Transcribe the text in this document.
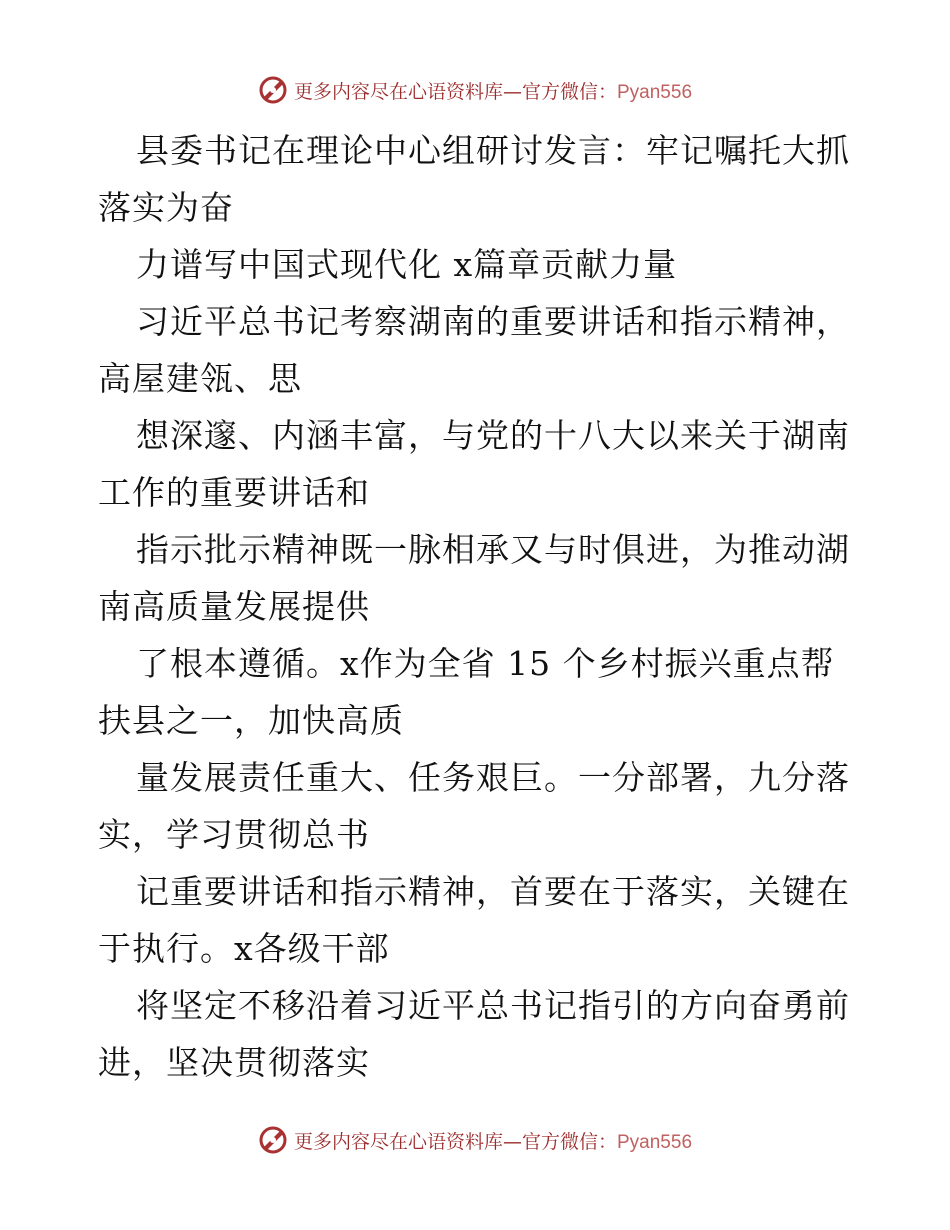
更多内容尽在心语资料库—官方微信：Pyan556
县委书记在理论中心组研讨发言：牢记嘱托大抓
落实为奋
力谱写中国式现代化 x篇章贡献力量
习近平总书记考察湖南的重要讲话和指示精神，
高屋建瓴、思
想深邃、内涵丰富，与党的十八大以来关于湖南
工作的重要讲话和
指示批示精神既一脉相承又与时俱进，为推动湖
南高质量发展提供
了根本遵循。x作为全省 15 个乡村振兴重点帮
扶县之一，加快高质
量发展责任重大、任务艰巨。一分部署，九分落
实，学习贯彻总书
记重要讲话和指示精神，首要在于落实，关键在
于执行。x各级干部
将坚定不移沿着习近平总书记指引的方向奋勇前
进，坚决贯彻落实
更多内容尽在心语资料库—官方微信：Pyan556
